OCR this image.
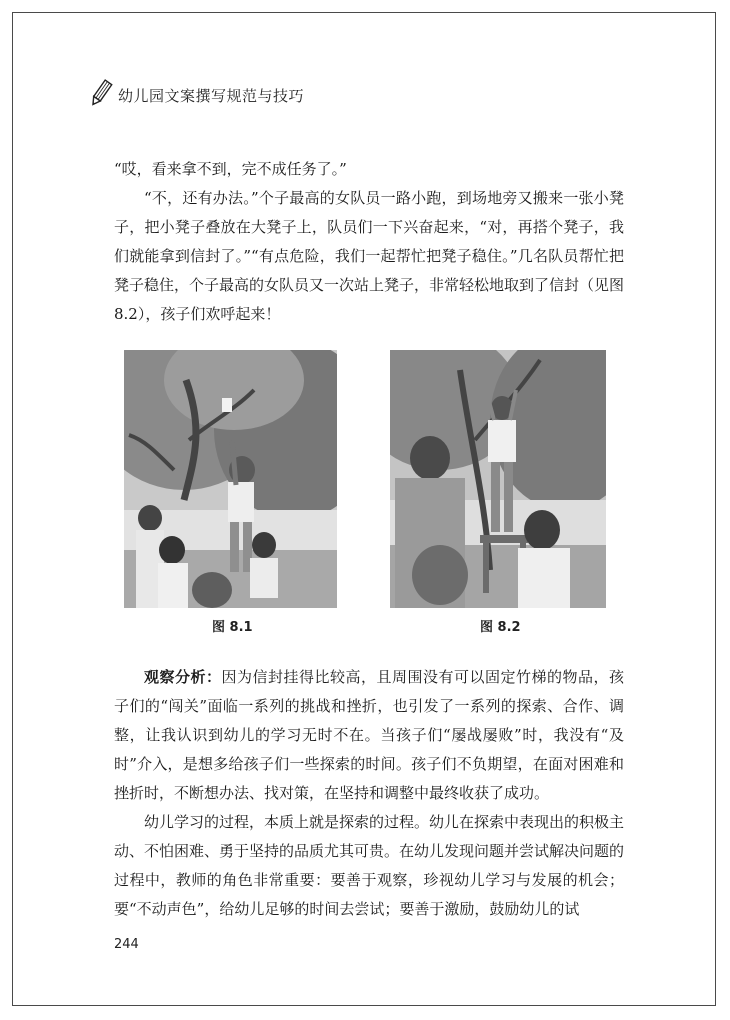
幼儿园文案撰写规范与技巧

“哎，看来拿不到，完不成任务了。”

“不，还有办法。”个子最高的女队员一路小跑，到场地旁又搬来一张小凳子，把小凳子叠放在大凳子上，队员们一下兴奋起来，“对，再搭个凳子，我们就能拿到信封了。”“有点危险，我们一起帮忙把凳子稳住。”几名队员帮忙把凳子稳住，个子最高的女队员又一次站上凳子，非常轻松地取到了信封（见图 8.2），孩子们欢呼起来！

图 8.1	图 8.2

观察分析：因为信封挂得比较高，且周围没有可以固定竹梯的物品，孩子们的“闯关”面临一系列的挑战和挫折，也引发了一系列的探索、合作、调整，让我认识到幼儿的学习无时不在。当孩子们“屡战屡败”时，我没有“及时”介入，是想多给孩子们一些探索的时间。孩子们不负期望，在面对困难和挫折时，不断想办法、找对策，在坚持和调整中最终收获了成功。

幼儿学习的过程，本质上就是探索的过程。幼儿在探索中表现出的积极主动、不怕困难、勇于坚持的品质尤其可贵。在幼儿发现问题并尝试解决问题的过程中，教师的角色非常重要：要善于观察，珍视幼儿学习与发展的机会；要“不动声色”，给幼儿足够的时间去尝试；要善于激励，鼓励幼儿的试

244
